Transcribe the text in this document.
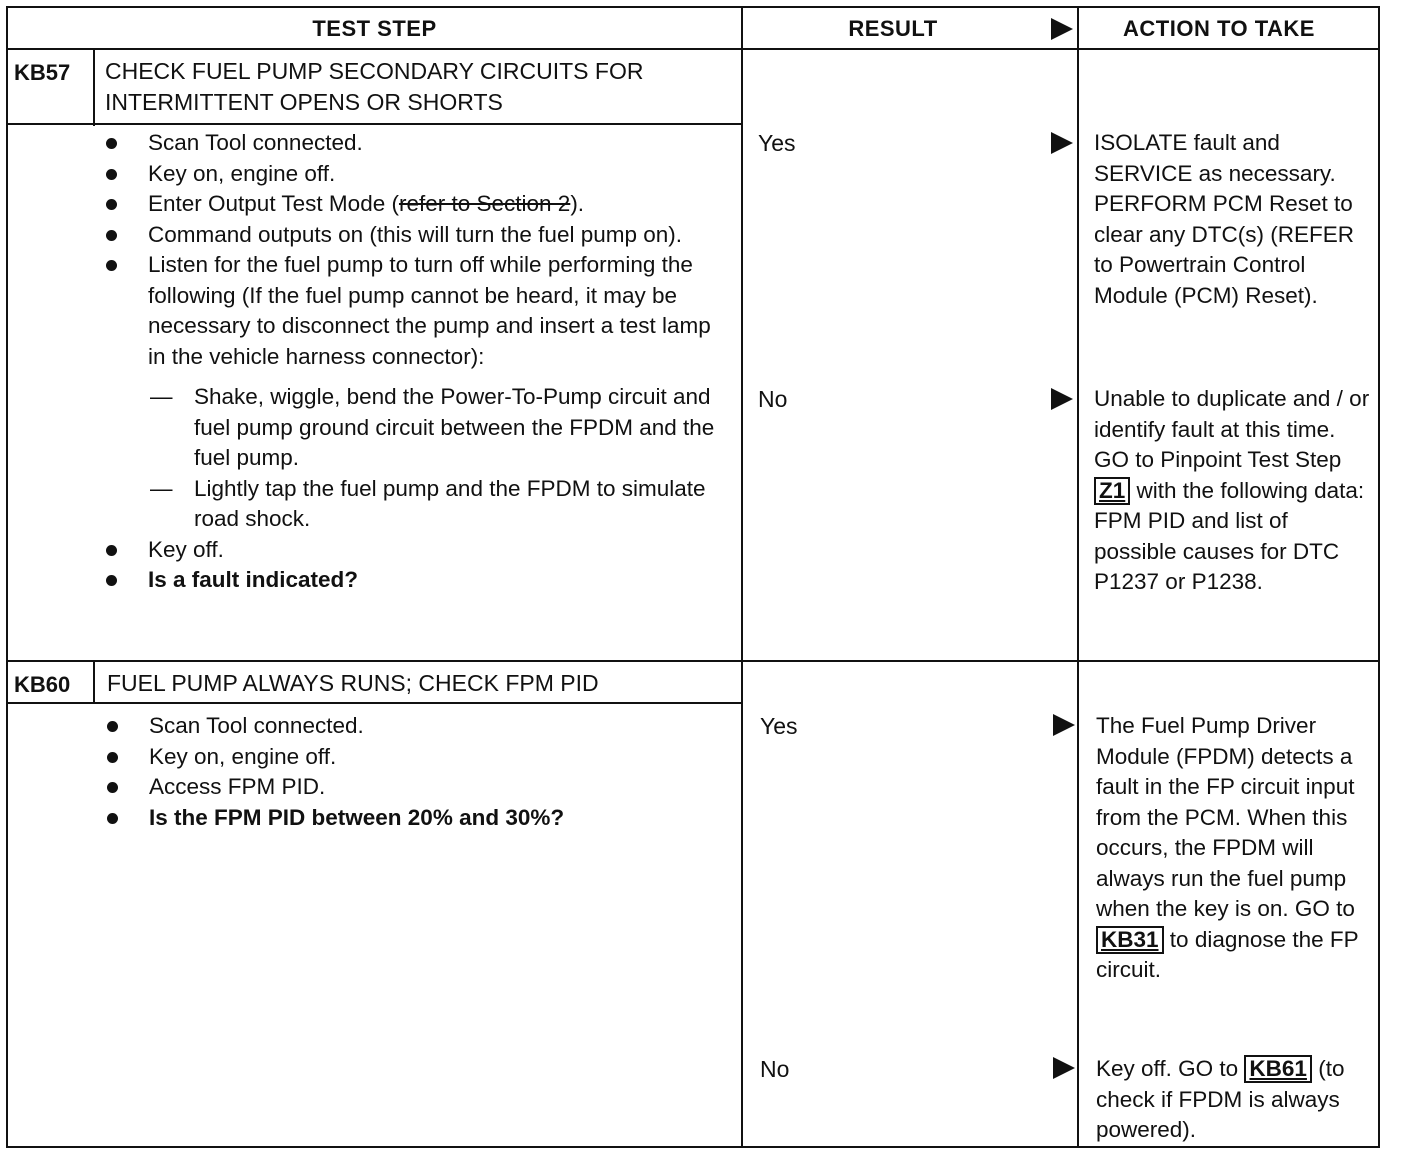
TEST STEP	RESULT	ACTION TO TAKE
KB57 CHECK FUEL PUMP SECONDARY CIRCUITS FOR
INTERMITTENT OPENS OR SHORTS
Scan Tool connected.
Key on, engine off.
Enter Output Test Mode (refer to Section 2).
Command outputs on (this will turn the fuel pump on).
Listen for the fuel pump to turn off while performing the following (If the fuel pump cannot be heard, it may be necessary to disconnect the pump and insert a test lamp in the vehicle harness connector):
— Shake, wiggle, bend the Power-To-Pump circuit and fuel pump ground circuit between the FPDM and the fuel pump.
— Lightly tap the fuel pump and the FPDM to simulate road shock.
Key off.
Is a fault indicated?
Yes	ISOLATE fault and SERVICE as necessary. PERFORM PCM Reset to clear any DTC(s) (REFER to Powertrain Control Module (PCM) Reset).
No	Unable to duplicate and / or identify fault at this time. GO to Pinpoint Test Step Z1 with the following data: FPM PID and list of possible causes for DTC P1237 or P1238.
KB60 FUEL PUMP ALWAYS RUNS; CHECK FPM PID
Scan Tool connected.
Key on, engine off.
Access FPM PID.
Is the FPM PID between 20% and 30%?
Yes	The Fuel Pump Driver Module (FPDM) detects a fault in the FP circuit input from the PCM. When this occurs, the FPDM will always run the fuel pump when the key is on. GO to KB31 to diagnose the FP circuit.
No	Key off. GO to KB61 (to check if FPDM is always powered).
